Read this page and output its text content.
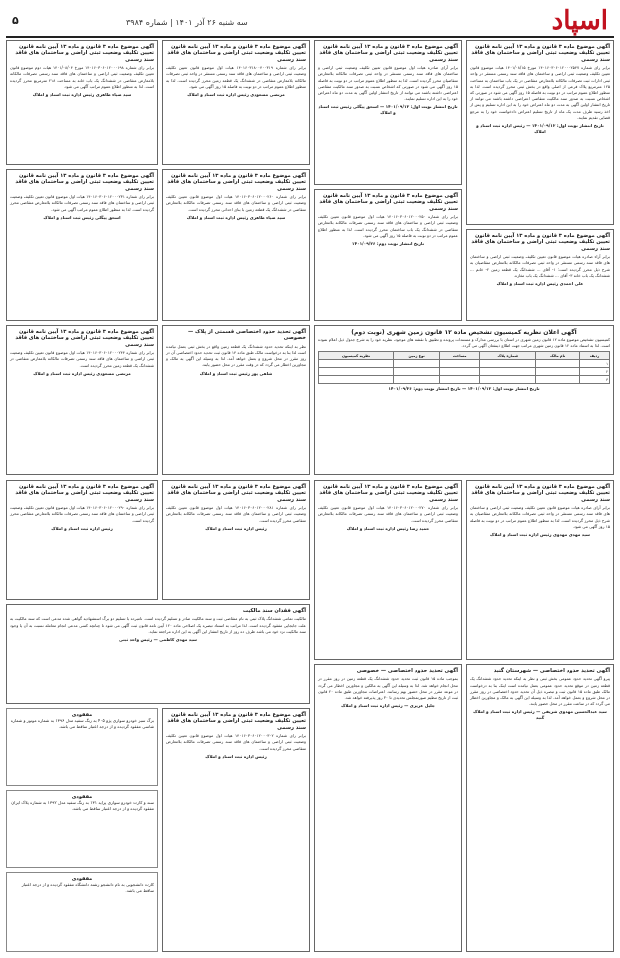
اسپاد
سه شنبه ۲۶ آذر ۱۴۰۱ | شماره ۳۹۸۴
۵
آگهی موضوع ماده ۳ قانون و ماده ۱۳ آیین نامه قانون تعیین تکلیف وضعیت ثبتی اراضی و ساختمان های فاقد سند رسمی
برابر رای شماره ۱۴۰۱۶۰۳۰۶۰۱۲۰۰۰۲۵۴۷ مورخ ۱۴۰۱/۰۸/۱۵ هیات موضوع قانون تعیین تکلیف وضعیت ثبتی اراضی و ساختمان های فاقد سند رسمی مستقر در واحد ثبتی ادارات ثبت تصرفات مالکانه بلامعارض متقاضی در یک باب ساختمان به مساحت ۱۲۵ مترمربع پلاک فرعی از اصلی واقع در بخش ثبتی محرز گردیده است. لذا به منظور اطلاع عموم مراتب در دو نوبت به فاصله ۱۵ روز آگهی می شود در صورتی که اشخاص نسبت به صدور سند مالکیت متقاضی اعتراضی داشته باشند می توانند از تاریخ انتشار اولین آگهی به مدت دو ماه اعتراض خود را به این اداره تسلیم و پس از اخذ رسید ظرف مدت یک ماه از تاریخ تسلیم اعتراض دادخواست خود را به مرجع قضایی تقدیم نمایند.
تاریخ انتشار نوبت اول: ۱۴۰۱/۰۹/۱۲ — رئیس اداره ثبت اسناد و املاک
آگهی موضوع ماده ۳ قانون و ماده ۱۳ آیین نامه قانون تعیین تکلیف وضعیت ثبتی اراضی و ساختمان های فاقد سند رسمی
برابر آرای صادره هیات اول موضوع قانون تعیین تکلیف وضعیت ثبتی اراضی و ساختمان های فاقد سند رسمی مستقر در واحد ثبتی تصرفات مالکانه بلامعارض متقاضیان محرز گردیده است. لذا به منظور اطلاع عموم مراتب در دو نوبت به فاصله ۱۵ روز آگهی می شود در صورتی که اشخاص نسبت به صدور سند مالکیت متقاضی اعتراضی داشته باشند می توانند از تاریخ انتشار اولین آگهی به مدت دو ماه اعتراض خود را به این اداره تسلیم نمایند.
تاریخ انتشار نوبت اول: ۱۴۰۱/۰۹/۱۲ — اسحق پیگلی رئیس ثبت اسناد و املاک
آگهی موضوع ماده ۳ قانون و ماده ۱۳ آیین نامه قانون تعیین تکلیف وضعیت ثبتی اراضی و ساختمان های فاقد سند رسمی
برابر رای شماره ۱۴۰۱۶۰۳۱۸۰۰۴۰۰۳۱۹ هیات اول موضوع قانون تعیین تکلیف وضعیت ثبتی اراضی و ساختمان های فاقد سند رسمی مستقر در واحد ثبتی تصرفات مالکانه بلامعارض متقاضی در ششدانگ یک قطعه زمین محرز گردیده است. لذا به منظور اطلاع عموم مراتب در دو نوبت به فاصله ۱۵ روز آگهی می شود.
مرتضی مسعودی رئیس اداره ثبت اسناد و املاک
آگهی موضوع ماده ۳ قانون و ماده ۱۳ آیین نامه قانون تعیین تکلیف وضعیت ثبتی اراضی و ساختمان های فاقد سند رسمی
برابر رای شماره ۱۴۰۱۶۰۳۰۶۰۱۲۰۰۰۱۹۸ مورخ ۱۴۰۱/۰۸/۰۴ هیات دوم موضوع قانون تعیین تکلیف وضعیت ثبتی اراضی و ساختمان های فاقد سند رسمی تصرفات مالکانه بلامعارض متقاضی در ششدانگ یک باب خانه به مساحت ۲۱۸ مترمربع محرز گردیده است. لذا به منظور اطلاع عموم مراتب آگهی می شود.
سید ضیاء طاهری رئیس اداره ثبت اسناد و املاک
آگهی موضوع ماده ۳ قانون و ماده ۱۳ آیین نامه قانون تعیین تکلیف وضعیت ثبتی اراضی و ساختمان های فاقد سند رسمی
برابر رای شماره ۱۴۰۱۶۰۳۰۶۰۱۲۰۰۰۲۵۰ هیات اول موضوع قانون تعیین تکلیف وضعیت ثبتی اراضی و ساختمان های فاقد سند رسمی تصرفات مالکانه بلامعارض متقاضی در ششدانگ یک باب ساختمان محرز گردیده است. لذا به منظور اطلاع عموم مراتب در دو نوبت به فاصله ۱۵ روز آگهی می شود.
تاریخ انتشار نوبت دوم: ۱۴۰۱/۰۹/۲۶
آگهی موضوع ماده ۳ قانون و ماده ۱۳ آیین نامه قانون تعیین تکلیف وضعیت ثبتی اراضی و ساختمان های فاقد سند رسمی
برابر رای شماره ۱۴۰۱۶۰۳۰۶۰۱۲۰۰۰۲۶۰ هیات اول موضوع قانون تعیین تکلیف وضعیت ثبتی اراضی و ساختمان های فاقد سند رسمی تصرفات مالکانه بلامعارض متقاضی در ششدانگ یک قطعه زمین با بنای احداثی محرز گردیده است.
سید ضیاء طاهری رئیس اداره ثبت اسناد و املاک
آگهی موضوع ماده ۳ قانون و ماده ۱۳ آیین نامه قانون تعیین تکلیف وضعیت ثبتی اراضی و ساختمان های فاقد سند رسمی
برابر رای شماره ۱۴۰۱۶۰۳۰۶۰۱۲۰۰۰۲۳۱ هیات اول موضوع قانون تعیین تکلیف وضعیت ثبتی اراضی و ساختمان های فاقد سند رسمی تصرفات مالکانه بلامعارض متقاضی محرز گردیده است. لذا به منظور اطلاع عموم مراتب آگهی می شود.
اسحق پیگلی رئیس ثبت اسناد و املاک
آگهی موضوع ماده ۳ قانون و ماده ۱۳ آیین نامه قانون تعیین تکلیف وضعیت ثبتی اراضی و ساختمان های فاقد سند رسمی
برابر آراء صادره هیات موضوع قانون تعیین تکلیف وضعیت ثبتی اراضی و ساختمان های فاقد سند رسمی مستقر در واحد ثبتی تصرفات مالکانه بلامعارض متقاضیان به شرح ذیل محرز گردیده است: ۱- آقای ... ششدانگ یک قطعه زمین ۲- خانم ... ششدانگ یک باب خانه ۳- آقای ... ششدانگ یک باب مغازه.
علی احمدی رئیس اداره ثبت اسناد و املاک
آگهی اعلان نظریه کمیسیون تشخیص ماده ۱۲ قانون زمین شهری (نوبت دوم)
کمیسیون تشخیص موضوع ماده ۱۲ قانون زمین شهری در استان با بررسی مدارک و مستندات پرونده و تطبیق با نقشه های موجود، نظریه خود را به شرح جدول ذیل اعلام نموده است. لذا به استناد ماده ۱۲ قانون زمین شهری مراتب جهت اطلاع ذینفعان آگهی می گردد.
ردیف	نام مالک	شماره پلاک	مساحت	نوع زمین	نظریه کمیسیون
۱					
۲					
۳					
تاریخ انتشار نوبت اول: ۱۴۰۱/۰۹/۱۲ — تاریخ انتشار نوبت دوم: ۱۴۰۱/۰۹/۲۶
آگهی تحدید حدود اختصاصی قسمتی از پلاک — خصوصی
نظر به اینکه تحدید حدود ششدانگ یک قطعه زمین واقع در بخش ثبتی بعمل نیامده است لذا بنا به درخواست مالک طبق ماده ۱۴ قانون ثبت تحدید حدود اختصاصی آن در روز مقرر در محل شروع و بعمل خواهد آمد. لذا به وسیله این آگهی به مالک و مجاورین اخطار می گردد که در وقت مقرر در محل حضور یابند.
شاهی پور رئیس ثبت اسناد و املاک
آگهی موضوع ماده ۳ قانون و ماده ۱۳ آیین نامه قانون تعیین تکلیف وضعیت ثبتی اراضی و ساختمان های فاقد سند رسمی
برابر رای شماره ۱۴۰۱۶۰۳۰۶۰۱۲۰۰۰۲۴۴ هیات اول موضوع قانون تعیین تکلیف وضعیت ثبتی اراضی و ساختمان های فاقد سند رسمی تصرفات مالکانه بلامعارض متقاضی در ششدانگ یک قطعه زمین محرز گردیده است.
مرتضی مسعودی رئیس اداره ثبت اسناد و املاک
آگهی موضوع ماده ۳ قانون و ماده ۱۳ آیین نامه قانون تعیین تکلیف وضعیت ثبتی اراضی و ساختمان های فاقد سند رسمی
برابر آرای صادره هیات موضوع قانون تعیین تکلیف وضعیت ثبتی اراضی و ساختمان های فاقد سند رسمی مستقر در واحد ثبتی تصرفات مالکانه بلامعارض متقاضیان به شرح ذیل محرز گردیده است. لذا به منظور اطلاع عموم مراتب در دو نوبت به فاصله ۱۵ روز آگهی می شود.
سید مهدی مهدوی رئیس اداره ثبت اسناد و املاک
آگهی موضوع ماده ۳ قانون و ماده ۱۳ آیین نامه قانون تعیین تکلیف وضعیت ثبتی اراضی و ساختمان های فاقد سند رسمی
برابر رای شماره ۱۴۰۱۶۰۳۰۶۰۱۲۰۰۰۲۷۰ هیات اول موضوع قانون تعیین تکلیف وضعیت ثبتی اراضی و ساختمان های فاقد سند رسمی تصرفات مالکانه بلامعارض متقاضی محرز گردیده است.
حمید رضا رئیس اداره ثبت اسناد و املاک
آگهی موضوع ماده ۳ قانون و ماده ۱۳ آیین نامه قانون تعیین تکلیف وضعیت ثبتی اراضی و ساختمان های فاقد سند رسمی
برابر رای شماره ۱۴۰۱۶۰۳۰۶۰۱۲۰۰۰۲۸۱ هیات اول موضوع قانون تعیین تکلیف وضعیت ثبتی اراضی و ساختمان های فاقد سند رسمی تصرفات مالکانه بلامعارض متقاضی محرز گردیده است.
رئیس اداره ثبت اسناد و املاک
آگهی موضوع ماده ۳ قانون و ماده ۱۳ آیین نامه قانون تعیین تکلیف وضعیت ثبتی اراضی و ساختمان های فاقد سند رسمی
برابر رای شماره ۱۴۰۱۶۰۳۰۶۰۱۲۰۰۰۲۹۰ هیات اول موضوع قانون تعیین تکلیف وضعیت ثبتی اراضی و ساختمان های فاقد سند رسمی تصرفات مالکانه بلامعارض متقاضی محرز گردیده است.
رئیس اداره ثبت اسناد و املاک
آگهی فقدان سند مالکیت
مالکیت تمامی ششدانگ پلاک ثبتی به نام متقاضی ثبت و سند مالکیت صادر و تسلیم گردیده است. نامبرده با تسلیم دو برگ استشهادیه گواهی شده مدعی است که سند مالکیت به علت جابجایی مفقود گردیده است. لذا مراتب به استناد تبصره یک اصلاحی ماده ۱۲۰ آیین نامه قانون ثبت آگهی می شود تا چنانچه کسی مدعی انجام معامله نسبت به آن یا وجود سند مالکیت نزد خود می باشد ظرف ده روز از تاریخ انتشار این آگهی به این اداره مراجعه نماید.
سید مهدی کاظمی — رئیس واحد ثبتی
آگهی تحدید حدود اختصاصی — شهرستان گنبد
پیرو آگهی تحدید حدود عمومی بخش ثبتی و نظر به اینکه تحدید حدود ششدانگ یک قطعه زمین در موقع تحدید حدود عمومی بعمل نیامده است اینک بنا به درخواست مالک طبق ماده ۱۵ قانون ثبت و تبصره ذیل آن تحدید حدود اختصاصی در روز مقرر در محل شروع و بعمل خواهد آمد. لذا به وسیله این آگهی به مالک و مجاورین اخطار می گردد که در ساعت مقرر در محل حضور یابند.
سید عبدالحسین مهدوی شریفی — رئیس اداره ثبت اسناد و املاک گنبد
آگهی تحدید حدود اختصاصی — خصوصی
بموجب ماده ۱۵ قانون ثبت تحدید حدود ششدانگ یک قطعه زمین در روز مقرر در محل انجام خواهد شد. لذا به وسیله این آگهی به مالکین و مجاورین اخطار می گردد در موعد مقرر در محل حضور بهم رسانند. اعتراضات مجاورین طبق ماده ۲۰ قانون ثبت از تاریخ تنظیم صورتمجلس تحدیدی تا ۳۰ روز پذیرفته خواهد شد.
جلیل عزیزی — رئیس اداره ثبت اسناد و املاک
آگهی موضوع ماده ۳ قانون و ماده ۱۳ آیین نامه قانون تعیین تکلیف وضعیت ثبتی اراضی و ساختمان های فاقد سند رسمی
برابر رای شماره ۱۴۰۱۶۰۳۰۶۰۱۲۰۰۰۳۰۲ هیات اول موضوع قانون تعیین تکلیف وضعیت ثبتی اراضی و ساختمان های فاقد سند رسمی تصرفات مالکانه بلامعارض متقاضی محرز گردیده است.
رئیس اداره ثبت اسناد و املاک
مفقودی
برگ سبز خودرو سواری پژو ۴۰۵ به رنگ سفید مدل ۱۳۹۶ به شماره موتور و شماره شاسی مفقود گردیده و از درجه اعتبار ساقط می باشد.
مفقودی
سند و کارت خودرو سواری پراید ۱۳۱ به رنگ سفید مدل ۱۳۹۲ به شماره پلاک ایران مفقود گردیده و از درجه اعتبار ساقط می باشد.
مفقودی
کارت دانشجویی به نام دانشجو رشته دانشگاه مفقود گردیده و از درجه اعتبار ساقط می باشد.
